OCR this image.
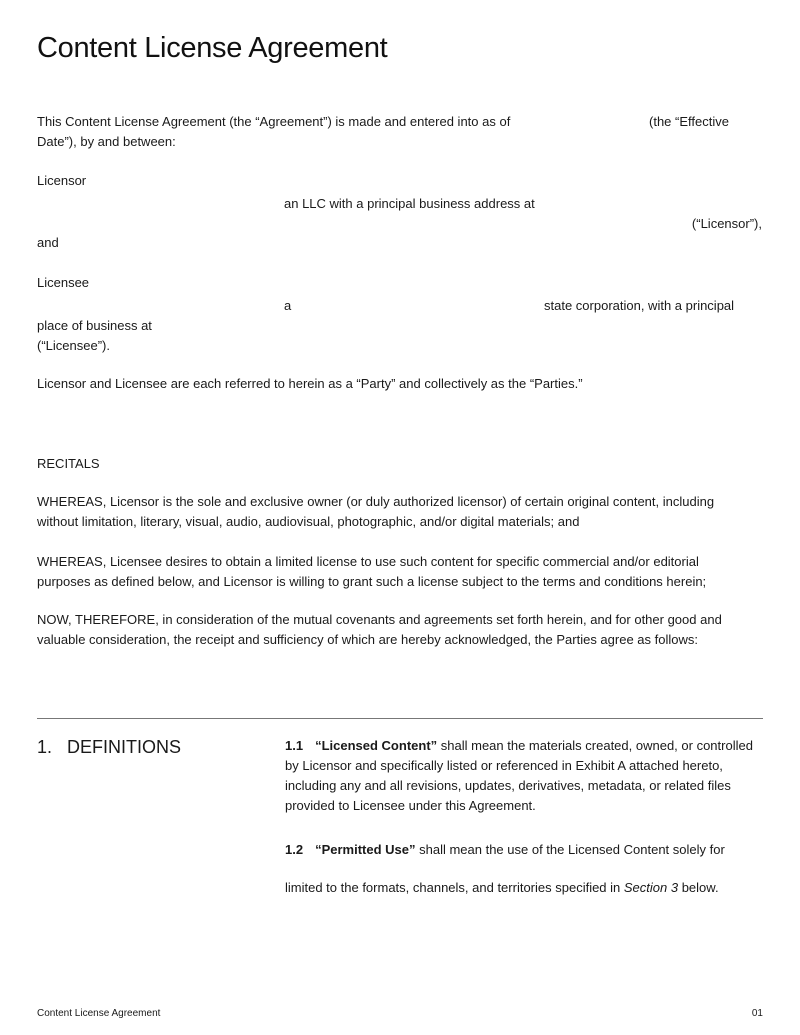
Content License Agreement
This Content License Agreement (the “Agreement”) is made and entered into as of	(the “Effective
Date”), by and between:
Licensor
an LLC with a principal business address at
(“Licensor”),
and
Licensee
a	state corporation, with a principal
place of business at
(“Licensee”).
Licensor and Licensee are each referred to herein as a “Party” and collectively as the “Parties.”
RECITALS
WHEREAS, Licensor is the sole and exclusive owner (or duly authorized licensor) of certain original content, including
without limitation, literary, visual, audio, audiovisual, photographic, and/or digital materials; and
WHEREAS, Licensee desires to obtain a limited license to use such content for specific commercial and/or editorial
purposes as defined below, and Licensor is willing to grant such a license subject to the terms and conditions herein;
NOW, THEREFORE, in consideration of the mutual covenants and agreements set forth herein, and for other good and
valuable consideration, the receipt and sufficiency of which are hereby acknowledged, the Parties agree as follows:
1.   DEFINITIONS	1.1 “Licensed Content” shall mean the materials created, owned, or controlled
by Licensor and specifically listed or referenced in Exhibit A attached hereto,
including any and all revisions, updates, derivatives, metadata, or related files
provided to Licensee under this Agreement.
1.2 “Permitted Use” shall mean the use of the Licensed Content solely for
limited to the formats, channels, and territories specified in Section 3 below.
Content License Agreement	01
